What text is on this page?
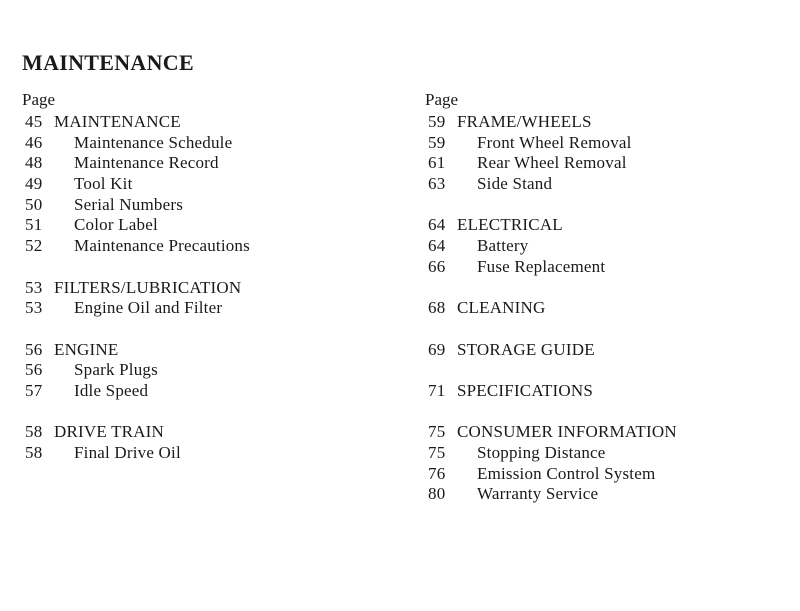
MAINTENANCE
Page
45 MAINTENANCE
46 Maintenance Schedule
48 Maintenance Record
49 Tool Kit
50 Serial Numbers
51 Color Label
52 Maintenance Precautions
53 FILTERS/LUBRICATION
53 Engine Oil and Filter
56 ENGINE
56 Spark Plugs
57 Idle Speed
58 DRIVE TRAIN
58 Final Drive Oil
Page
59 FRAME/WHEELS
59 Front Wheel Removal
61 Rear Wheel Removal
63 Side Stand
64 ELECTRICAL
64 Battery
66 Fuse Replacement
68 CLEANING
69 STORAGE GUIDE
71 SPECIFICATIONS
75 CONSUMER INFORMATION
75 Stopping Distance
76 Emission Control System
80 Warranty Service
